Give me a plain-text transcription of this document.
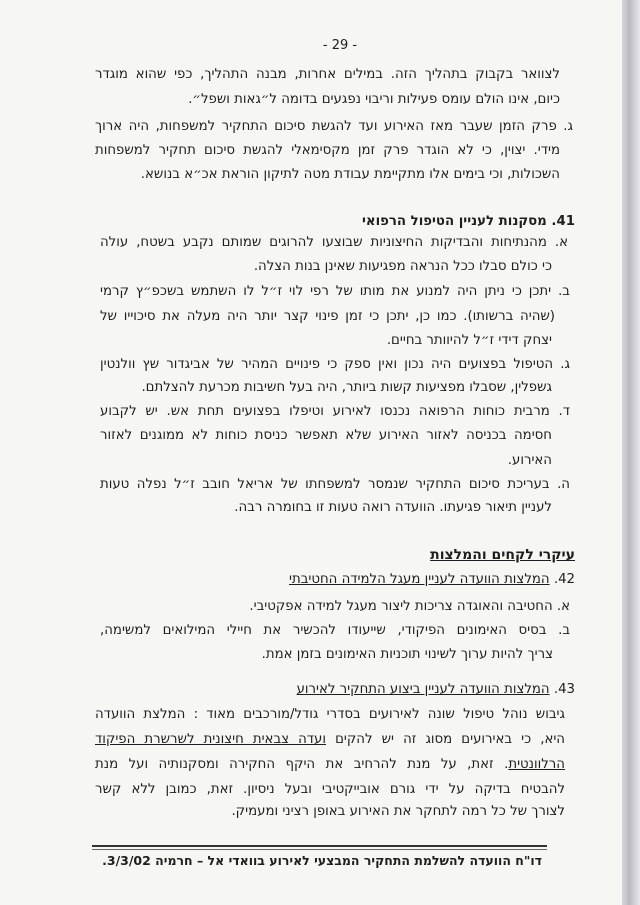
- 29 -
לצוואר בקבוק בתהליך הזה. במילים אחרות, מבנה התהליך, כפי שהוא מוגדר
כיום, אינו הולם עומס פעילות וריבוי נפגעים בדומה ל״גאות ושפל״.
ג. פרק הזמן שעבר מאז האירוע ועד להגשת סיכום התחקיר למשפחות, היה ארוך
מידי. יצוין, כי לא הוגדר פרק זמן מקסימאלי להגשת סיכום תחקיר למשפחות
השכולות, וכי בימים אלו מתקיימת עבודת מטה לתיקון הוראת אכ״א בנושא.
41. מסקנות לעניין הטיפול הרפואי
א. מהנתיחות והבדיקות החיצוניות שבוצעו להרוגים שמותם נקבע בשטח, עולה
כי כולם סבלו ככל הנראה מפגיעות שאינן בנות הצלה.
ב. יתכן כי ניתן היה למנוע את מותו של רפי לוי ז״ל לו השתמש בשכפ״ץ קרמי
(שהיה ברשותו). כמו כן, יתכן כי זמן פינוי קצר יותר היה מעלה את סיכוייו של
יצחק דידי ז״ל להיוותר בחיים.
ג. הטיפול בפצועים היה נכון ואין ספק כי פינויים המהיר של אביגדור שץ וולנטין
גשפלין, שסבלו מפציעות קשות ביותר, היה בעל חשיבות מכרעת להצלתם.
ד. מרבית כוחות הרפואה נכנסו לאירוע וטיפלו בפצועים תחת אש. יש לקבוע
חסימה בכניסה לאזור האירוע שלא תאפשר כניסת כוחות לא ממוגנים לאזור
האירוע.
ה. בעריכת סיכום התחקיר שנמסר למשפחתו של אריאל חובב ז״ל נפלה טעות
לעניין תיאור פגיעתו. הוועדה רואה טעות זו בחומרה רבה.
עיקרי לקחים והמלצות
42. המלצות הוועדה לעניין מעגל הלמידה החטיבתי
א. החטיבה והאוגדה צריכות ליצור מעגל למידה אפקטיבי.
ב. בסיס האימונים הפיקודי, שייעודו להכשיר את חיילי המילואים למשימה,
צריך להיות ערוך לשינוי תוכניות האימונים בזמן אמת.
43. המלצות הוועדה לעניין ביצוע התחקיר לאירוע
גיבוש נוהל טיפול שונה לאירועים בסדרי גודל/מורכבים מאוד : המלצת הוועדה
היא, כי באירועים מסוג זה יש להקים ועדה צבאית חיצונית לשרשרת הפיקוד
הרלוונטית. זאת, על מנת להרחיב את היקף החקירה ומסקנותיה ועל מנת
להבטיח בדיקה על ידי גורם אובייקטיבי ובעל ניסיון. זאת, כמובן ללא קשר
לצורך של כל רמה לתחקר את האירוע באופן רציני ומעמיק.
דו"ח הוועדה להשלמת התחקיר המבצעי לאירוע בוואדי אל – חרמיה 3/3/02.
